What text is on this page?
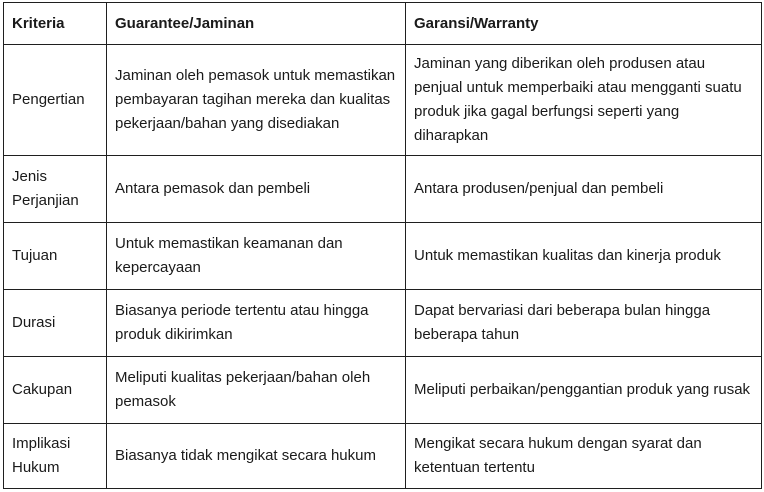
Kriteria	Guarantee/Jaminan	Garansi/Warranty
Pengertian	Jaminan oleh pemasok untuk memastikan pembayaran tagihan mereka dan kualitas pekerjaan/bahan yang disediakan	Jaminan yang diberikan oleh produsen atau penjual untuk memperbaiki atau mengganti suatu produk jika gagal berfungsi seperti yang diharapkan
Jenis Perjanjian	Antara pemasok dan pembeli	Antara produsen/penjual dan pembeli
Tujuan	Untuk memastikan keamanan dan kepercayaan	Untuk memastikan kualitas dan kinerja produk
Durasi	Biasanya periode tertentu atau hingga produk dikirimkan	Dapat bervariasi dari beberapa bulan hingga beberapa tahun
Cakupan	Meliputi kualitas pekerjaan/bahan oleh pemasok	Meliputi perbaikan/penggantian produk yang rusak
Implikasi Hukum	Biasanya tidak mengikat secara hukum	Mengikat secara hukum dengan syarat dan ketentuan tertentu
